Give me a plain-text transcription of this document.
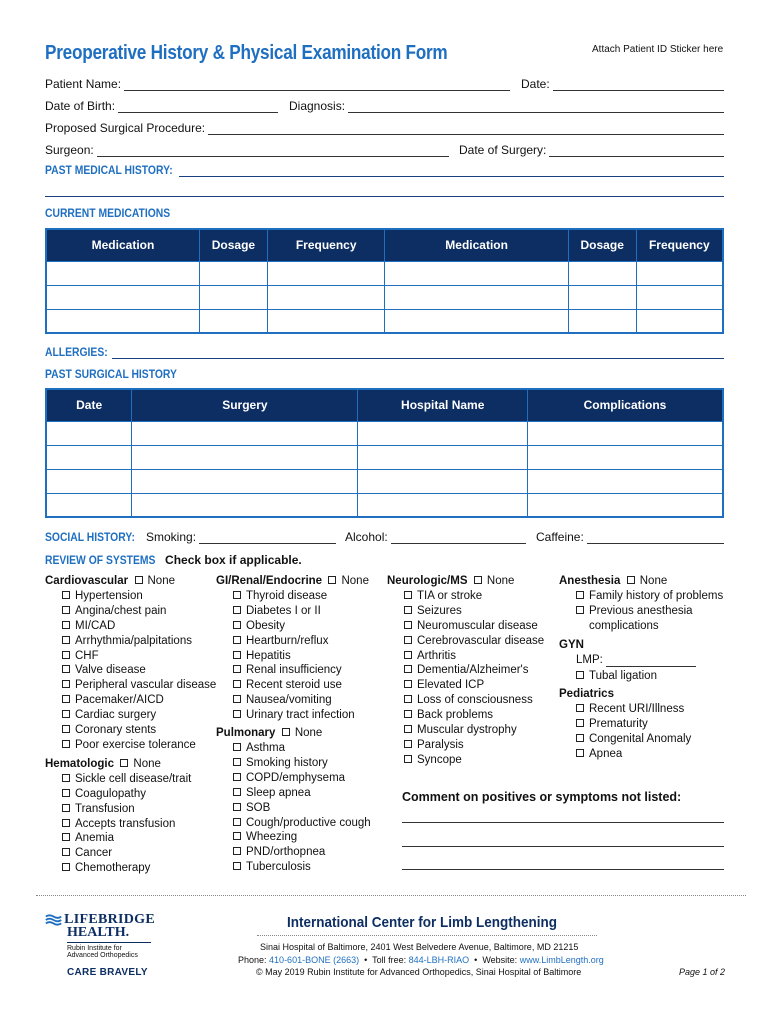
Preoperative History & Physical Examination Form	Attach Patient ID Sticker here
Patient Name:	Date:
Date of Birth:	Diagnosis:
Proposed Surgical Procedure:
Surgeon:	Date of Surgery:
PAST MEDICAL HISTORY:
CURRENT MEDICATIONS
Medication	Dosage	Frequency	Medication	Dosage	Frequency

ALLERGIES:
PAST SURGICAL HISTORY
Date	Surgery	Hospital Name	Complications

SOCIAL HISTORY: Smoking:	Alcohol:	Caffeine:
REVIEW OF SYSTEMS Check box if applicable.
Cardiovascular None
Hypertension
Angina/chest pain
MI/CAD
Arrhythmia/palpitations
CHF
Valve disease
Peripheral vascular disease
Pacemaker/AICD
Cardiac surgery
Coronary stents
Poor exercise tolerance
Hematologic None
Sickle cell disease/trait
Coagulopathy
Transfusion
Accepts transfusion
Anemia
Cancer
Chemotherapy
GI/Renal/Endocrine None
Thyroid disease
Diabetes I or II
Obesity
Heartburn/reflux
Hepatitis
Renal insufficiency
Recent steroid use
Nausea/vomiting
Urinary tract infection
Pulmonary None
Asthma
Smoking history
COPD/emphysema
Sleep apnea
SOB
Cough/productive cough
Wheezing
PND/orthopnea
Tuberculosis
Neurologic/MS None
TIA or stroke
Seizures
Neuromuscular disease
Cerebrovascular disease
Arthritis
Dementia/Alzheimer's
Elevated ICP
Loss of consciousness
Back problems
Muscular dystrophy
Paralysis
Syncope
Anesthesia None
Family history of problems
Previous anesthesia
complications
GYN
LMP:
Tubal ligation
Pediatrics
Recent URI/Illness
Prematurity
Congenital Anomaly
Apnea
Comment on positives or symptoms not listed:
LIFEBRIDGE
HEALTH.
Rubin Institute for
Advanced Orthopedics
CARE BRAVELY
International Center for Limb Lengthening
Sinai Hospital of Baltimore, 2401 West Belvedere Avenue, Baltimore, MD 21215
Phone: 410-601-BONE (2663)  •  Toll free: 844-LBH-RIAO  •  Website: www.LimbLength.org
© May 2019 Rubin Institute for Advanced Orthopedics, Sinai Hospital of Baltimore	Page 1 of 2
